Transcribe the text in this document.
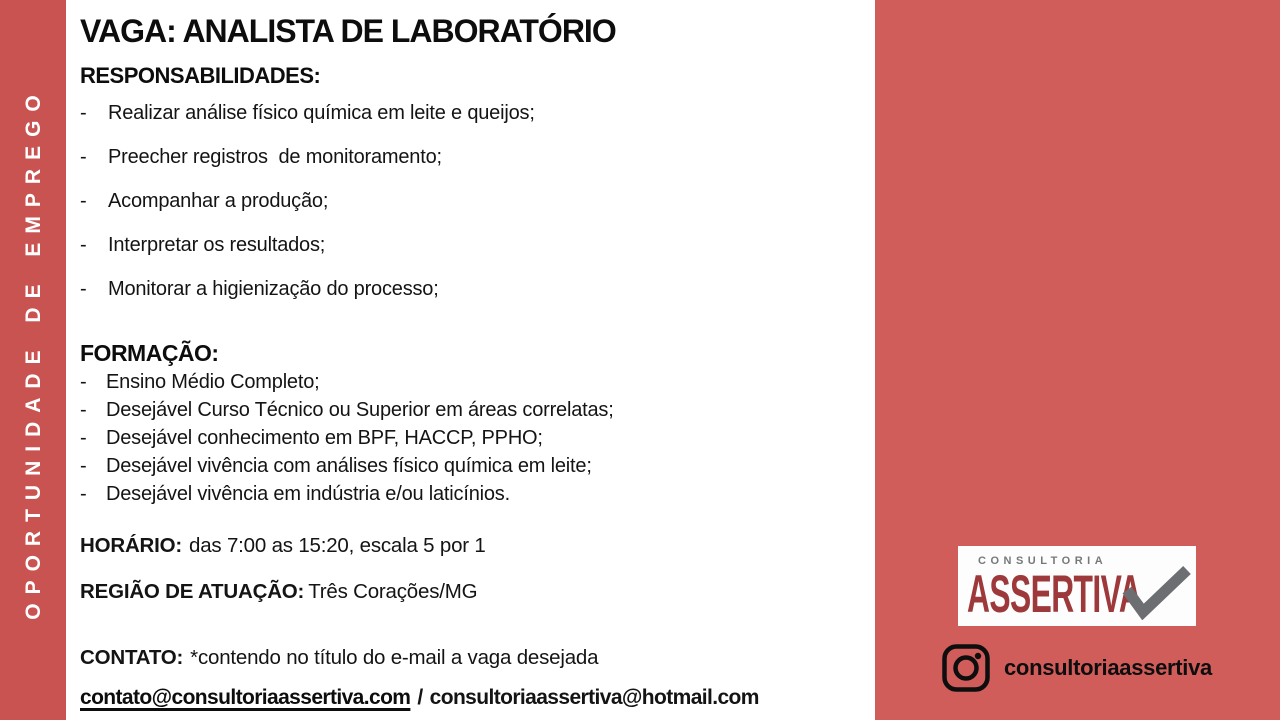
OPORTUNIDADE DE EMPREGO
VAGA: ANALISTA DE LABORATÓRIO
RESPONSABILIDADES:
-	Realizar análise físico química em leite e queijos;
-	Preecher registros  de monitoramento;
-	Acompanhar a produção;
-	Interpretar os resultados;
-	Monitorar a higienização do processo;
FORMAÇÃO:
- Ensino Médio Completo;
- Desejável Curso Técnico ou Superior em áreas correlatas;
- Desejável conhecimento em BPF, HACCP, PPHO;
- Desejável vivência com análises físico química em leite;
- Desejável vivência em indústria e/ou laticínios.
HORÁRIO: das 7:00 as 15:20, escala 5 por 1
REGIÃO DE ATUAÇÃO: Três Corações/MG
CONTATO: *contendo no título do e-mail a vaga desejada
contato@consultoriaassertiva.com / consultoriaassertiva@hotmail.com
CONSULTORIA
ASSERTIVA
consultoriaassertiva
